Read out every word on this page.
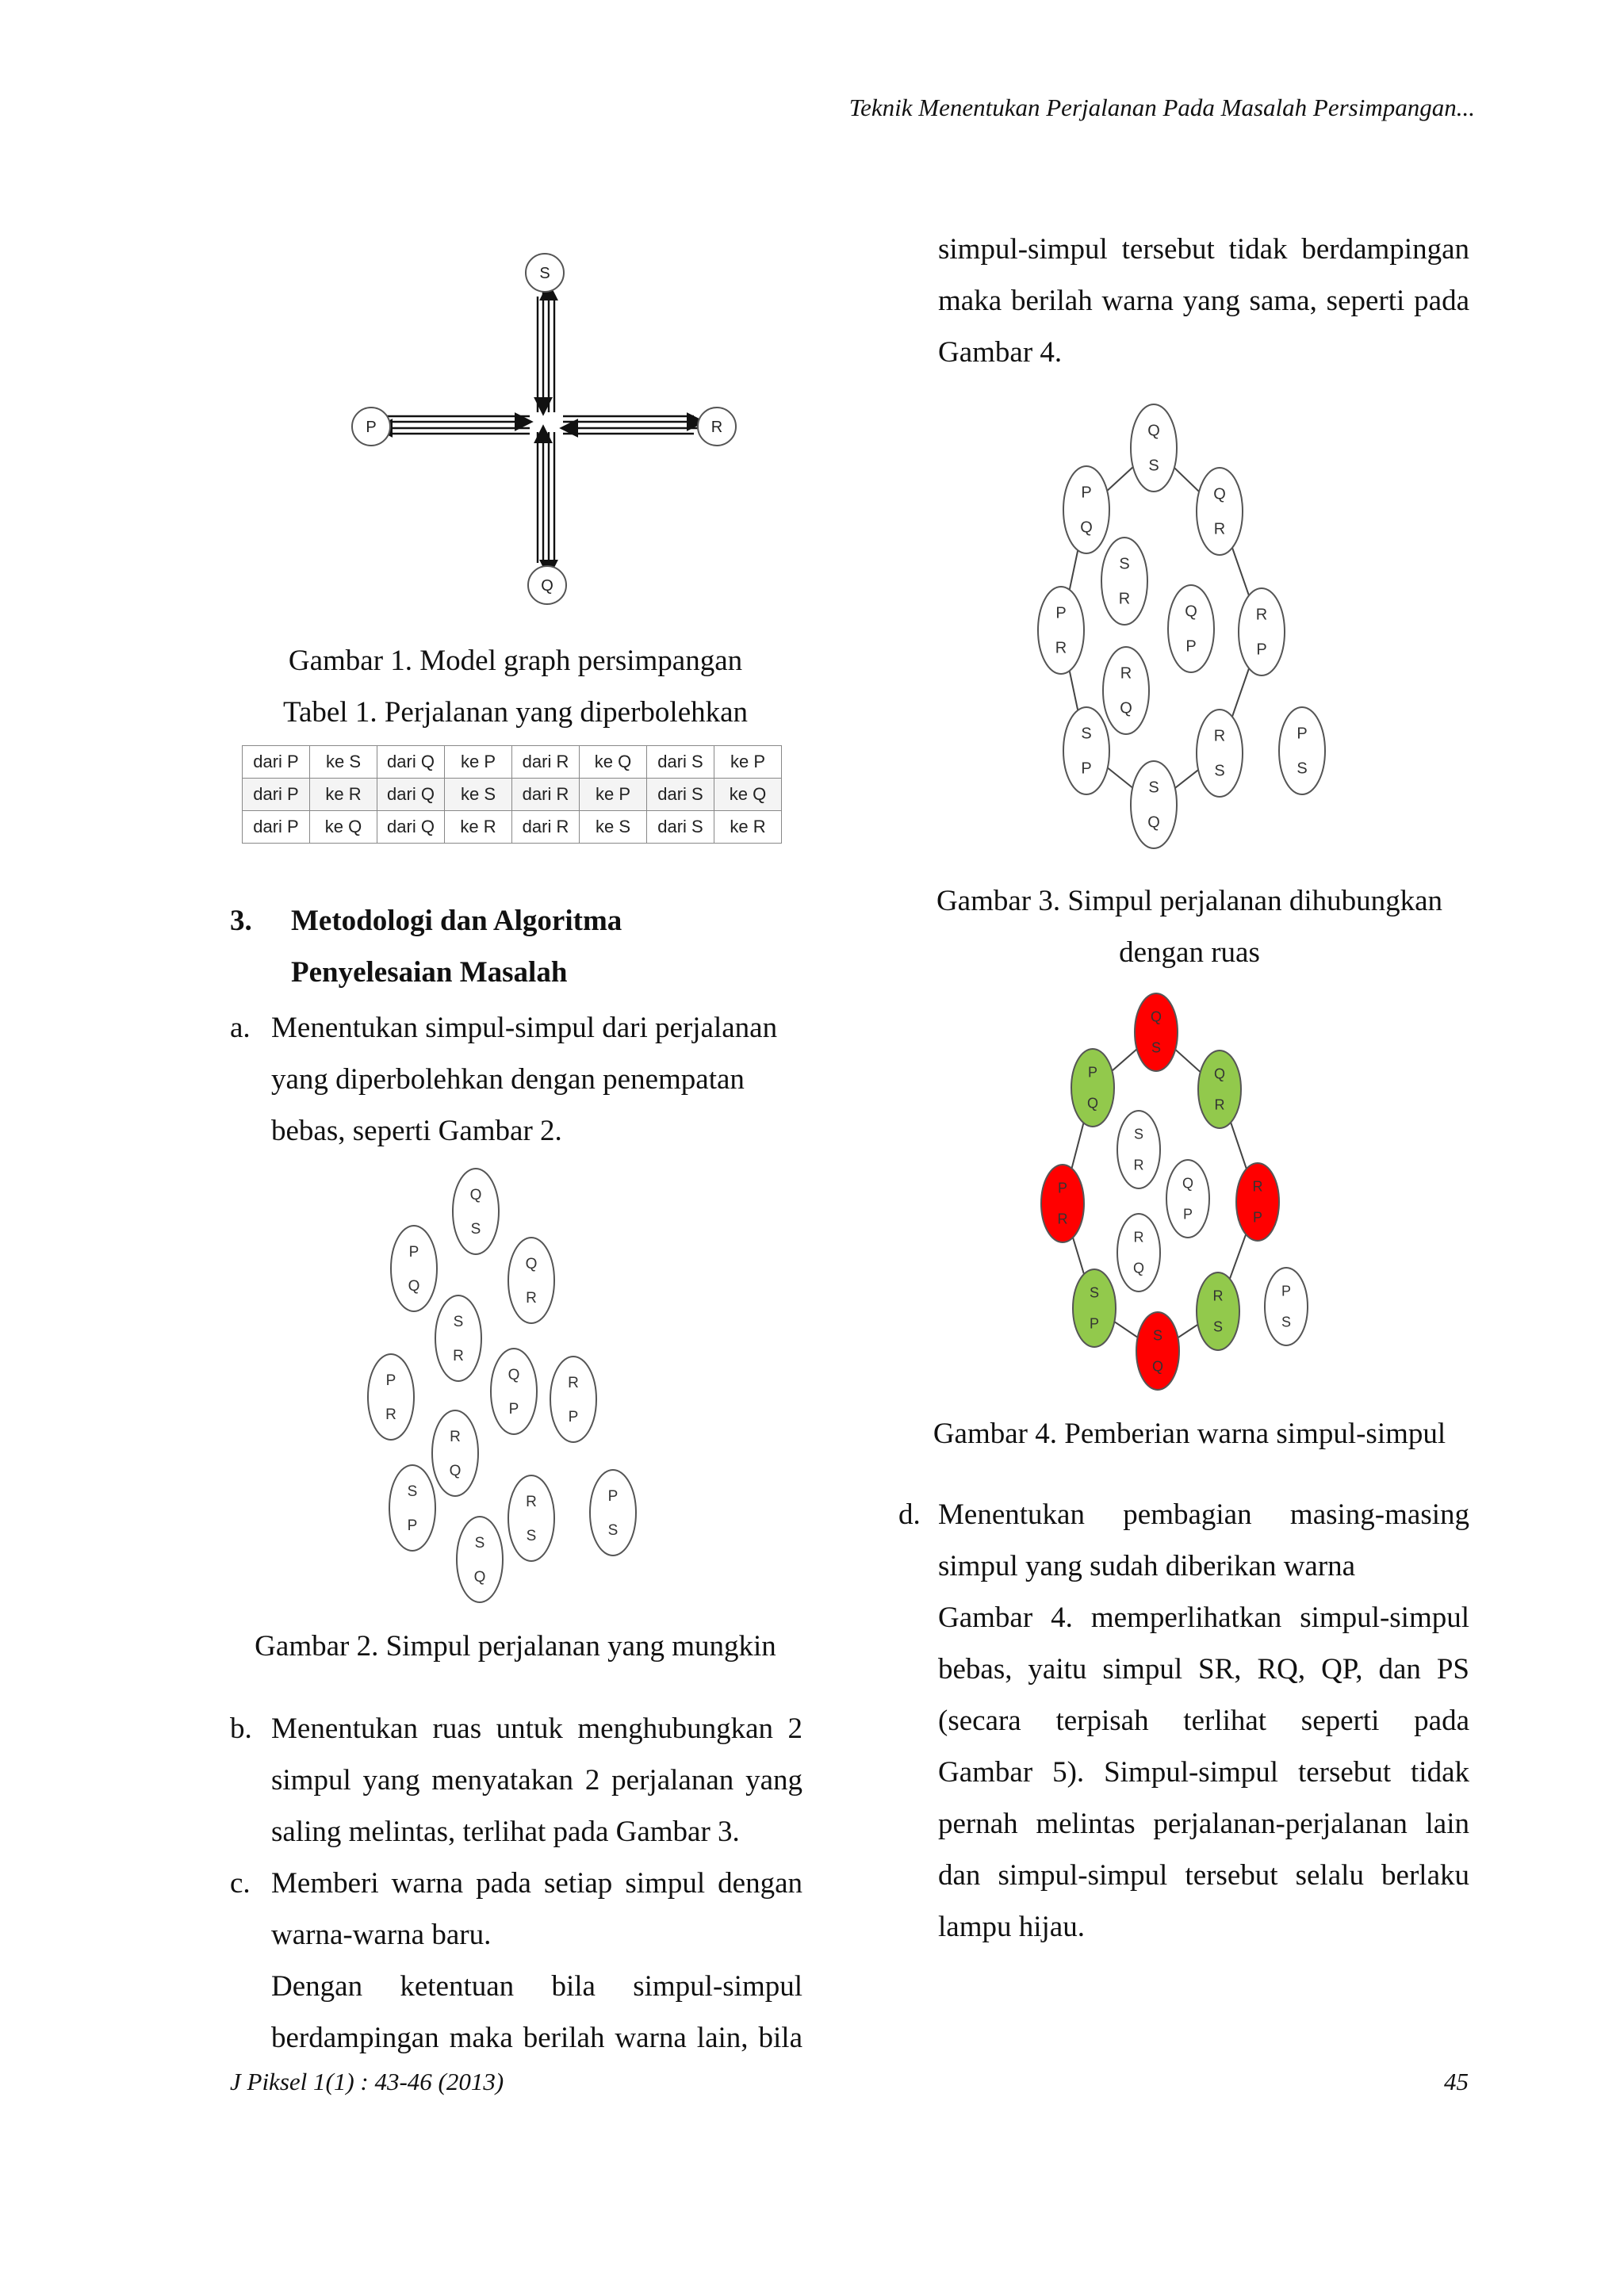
Teknik Menentukan Perjalanan Pada Masalah Persimpangan...
S
P	R
Q
Gambar 1. Model graph persimpangan
Tabel 1. Perjalanan yang diperbolehkan
dari P	ke S	dari Q	ke P	dari R	ke Q	dari S	ke P
dari P	ke R	dari Q	ke S	dari R	ke P	dari S	ke Q
dari P	ke Q	dari Q	ke R	dari R	ke S	dari S	ke R
3. Metodologi dan Algoritma
Penyelesaian Masalah
a. Menentukan simpul-simpul dari perjalanan
yang diperbolehkan dengan penempatan
bebas, seperti Gambar 2.
Q
S
P
Q
Q
R
S
R
P
R
Q
P
R
P
R
Q
S
P
R
S
P
S
S
Q
Gambar 2. Simpul perjalanan yang mungkin
b. Menentukan ruas untuk menghubungkan 2
simpul yang menyatakan 2 perjalanan yang
saling melintas, terlihat pada Gambar 3.
c. Memberi warna pada setiap simpul dengan
warna-warna baru.
Dengan ketentuan bila simpul-simpul
berdampingan maka berilah warna lain, bila
J Piksel 1(1) : 43-46 (2013)	45
simpul-simpul tersebut tidak berdampingan
maka berilah warna yang sama, seperti pada
Gambar 4.
Q
S
P
Q
Q
R
S
R
P
R
Q
P
R
P
R
Q
S
P
R
S
S
Q
P
S
Gambar 3. Simpul perjalanan dihubungkan
dengan ruas
Q
S
P
Q
Q
R
S
R
P
R
Q
P
R
P
R
Q
S
P
R
S
S
Q
P
S
Gambar 4. Pemberian warna simpul-simpul
d. Menentukan pembagian masing-masing
simpul yang sudah diberikan warna
Gambar 4. memperlihatkan simpul-simpul
bebas, yaitu simpul SR, RQ, QP, dan PS
(secara terpisah terlihat seperti pada
Gambar 5). Simpul-simpul tersebut tidak
pernah melintas perjalanan-perjalanan lain
dan simpul-simpul tersebut selalu berlaku
lampu hijau.
